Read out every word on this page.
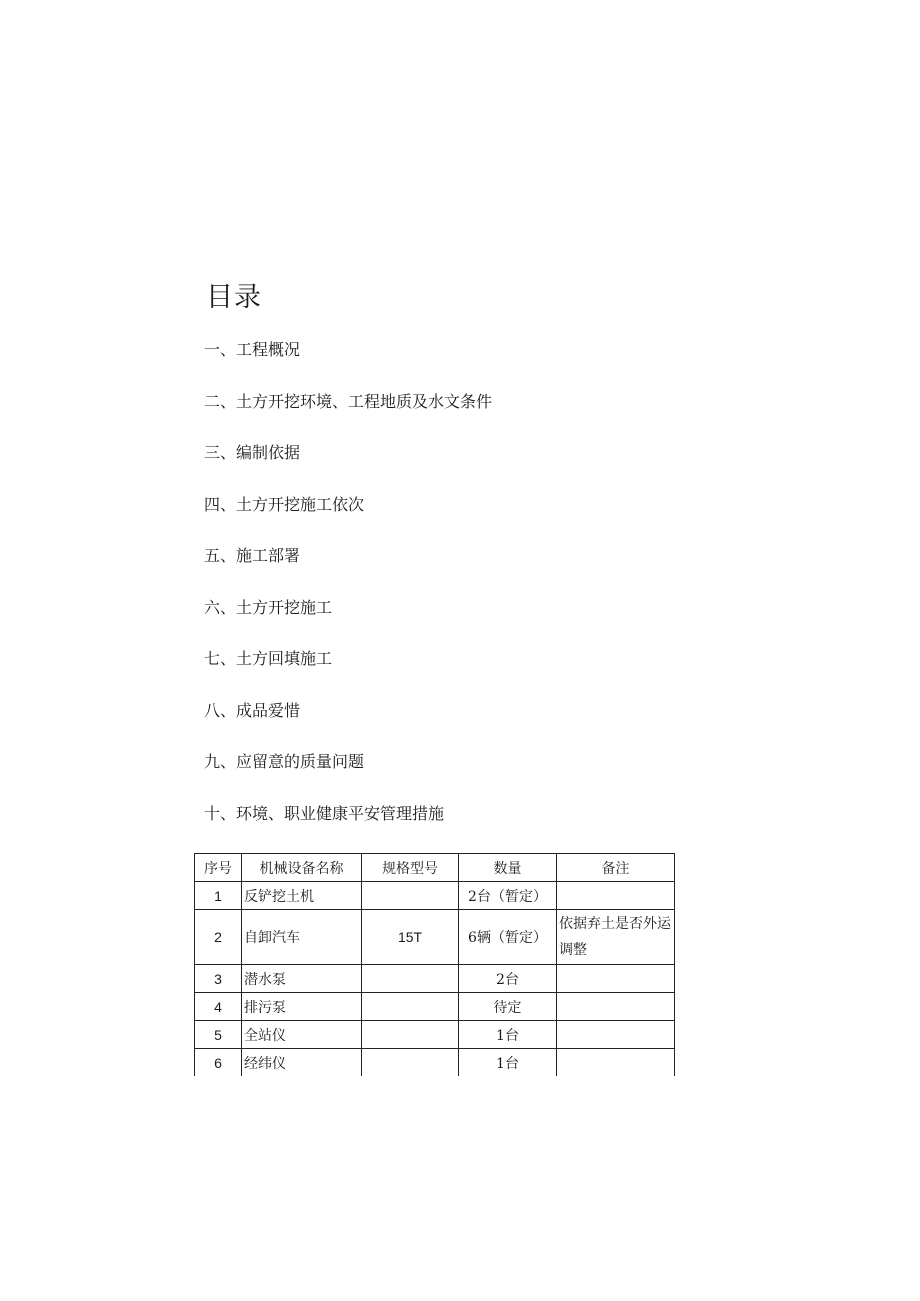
目录
一、工程概况
二、土方开挖环境、工程地质及水文条件
三、编制依据
四、土方开挖施工依次
五、施工部署
六、土方开挖施工
七、土方回填施工
八、成品爱惜
九、应留意的质量问题
十、环境、职业健康平安管理措施
序号	机械设备名称	规格型号	数量	备注
1	反铲挖土机		2台（暂定）	
2	自卸汽车	15T	6辆（暂定）	依据弃土是否外运调整
3	潜水泵		2台	
4	排污泵		待定	
5	全站仪		1台	
6	经纬仪		1台	
